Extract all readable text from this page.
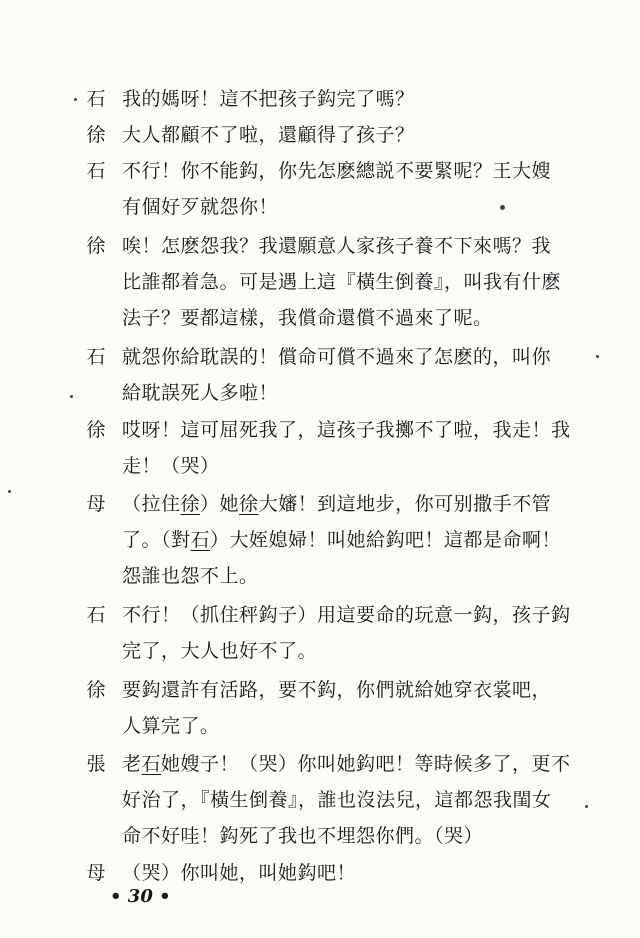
石 我的媽呀！這不把孩子鈎完了嗎？
徐 大人都顧不了啦，還顧得了孩子？
石 不行！你不能鈎，你先怎麽總説不要緊呢？王大嫂
有個好歹就怨你！
徐 唉！怎麽怨我？我還願意人家孩子養不下來嗎？我
比誰都着急。可是遇上這『橫生倒養』，叫我有什麽
法子？要都這樣，我償命還償不過來了呢。
石 就怨你給耽誤的！償命可償不過來了怎麽的，叫你
給耽誤死人多啦！
徐 哎呀！這可屈死我了，這孩子我擲不了啦，我走！我
走！（哭）
母 （拉住徐）她徐大嬸！到這地步，你可别撒手不管
了。（對石）大姪媳婦！叫她給鈎吧！這都是命啊！
怨誰也怨不上。
石 不行！（抓住秤鈎子）用這要命的玩意一鈎，孩子鈎
完了，大人也好不了。
徐 要鈎還許有活路，要不鈎，你們就給她穿衣裳吧，
人算完了。
張 老石她嫂子！（哭）你叫她鈎吧！等時候多了，更不
好治了，『橫生倒養』，誰也沒法兒，這都怨我閨女
命不好哇！鈎死了我也不埋怨你們。（哭）
母 （哭）你叫她，叫她鈎吧！
• 30 •
